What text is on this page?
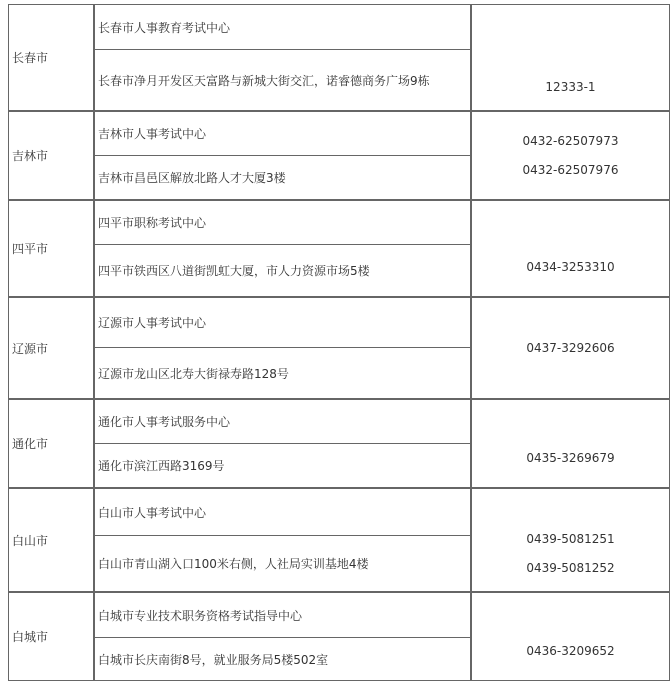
长春市
长春市人事教育考试中心
长春市净月开发区天富路与新城大街交汇，诺睿德商务广场9栋	12333-1
吉林市
吉林市人事考试中心
吉林市昌邑区解放北路人才大厦3楼
0432-62507973
0432-62507976
四平市
四平市职称考试中心
四平市铁西区八道街凯虹大厦，市人力资源市场5楼	0434-3253310
辽源市
辽源市人事考试中心
辽源市龙山区北寿大街禄寿路128号
0437-3292606
通化市
通化市人事考试服务中心
通化市滨江西路3169号
0435-3269679
白山市
白山市人事考试中心
白山市青山湖入口100米右侧，人社局实训基地4楼
0439-5081251
0439-5081252
白城市
白城市专业技术职务资格考试指导中心
白城市长庆南街8号，就业服务局5楼502室
0436-3209652
